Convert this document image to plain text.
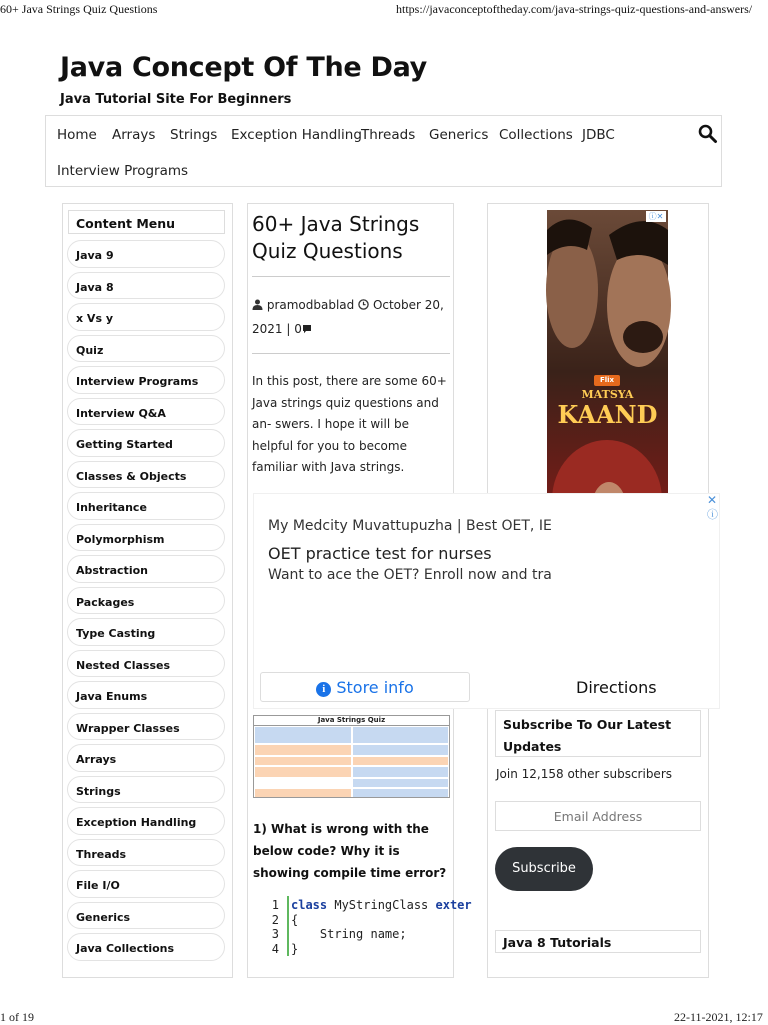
60+ Java Strings Quiz Questions	https://javaconceptoftheday.com/java-strings-quiz-questions-and-answers/
Java Concept Of The Day
Java Tutorial Site For Beginners
Home Arrays Strings Exception Handling Threads Generics Collections JDBC
Interview Programs
Content Menu
Java 9
Java 8
x Vs y
Quiz
Interview Programs
Interview Q&A
Getting Started
Classes & Objects
Inheritance
Polymorphism
Abstraction
Packages
Type Casting
Nested Classes
Java Enums
Wrapper Classes
Arrays
Strings
Exception Handling
Threads
File I/O
Generics
Java Collections
60+ Java Strings Quiz Questions
pramodbablad October 20,
2021 | 0
In this post, there are some 60+ Java strings quiz questions and an- swers. I hope it will be helpful for you to become familiar with Java strings.
Flix
MATSYA
KAAND
ⓘ✕
My Medcity Muvattupuzha | Best OET, IE
OET practice test for nurses
Want to ace the OET? Enroll now and tra
i Store info	Directions
✕
ⓘ
Java Strings Quiz
1) What is wrong with the below code? Why it is showing compile time error?
1
2
3
4
class MyStringClass exter
{
String name;
}
Subscribe To Our Latest Updates
Join 12,158 other subscribers
Email Address
Subscribe
Java 8 Tutorials
1 of 19	22-11-2021, 12:17
